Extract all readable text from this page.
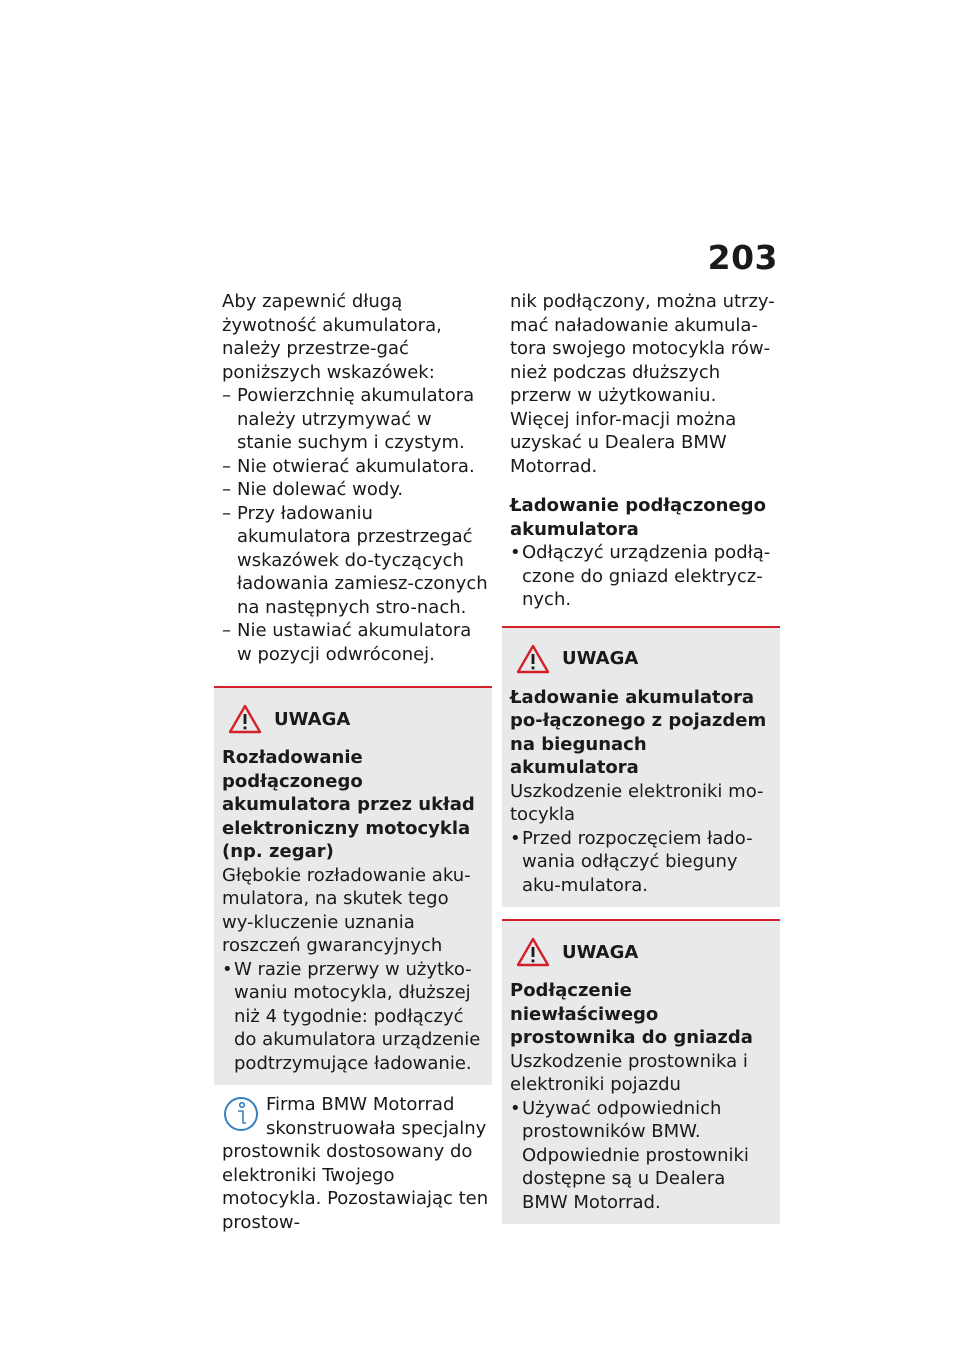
203

Aby zapewnić długą żywotność akumulatora, należy przestrze-gać poniższych wskazówek:

– Powierzchnię akumulatora należy utrzymywać w stanie suchym i czystym.
– Nie otwierać akumulatora.
– Nie dolewać wody.
– Przy ładowaniu akumulatora przestrzegać wskazówek do-tyczących ładowania zamiesz-czonych na następnych stro-nach.
– Nie ustawiać akumulatora w pozycji odwróconej.
UWAGA

Rozładowanie podłączonego akumulatora przez układ elektroniczny motocykla (np. zegar)

Głębokie rozładowanie aku-mulatora, na skutek tego wy-kluczenie uznania roszczeń gwarancyjnych

• W razie przerwy w użytko-waniu motocykla, dłuższej niż 4 tygodnie: podłączyć do akumulatora urządzenie podtrzymujące ładowanie.

Firma BMW Motorrad skonstruowała specjalny prostownik dostosowany do elektroniki Twojego motocykla. Pozostawiając ten prostow-

nik podłączony, można utrzy-mać naładowanie akumula-tora swojego motocykla rów-nież podczas dłuższych przerw w użytkowaniu. Więcej infor-macji można uzyskać u Dealera BMW Motorrad.

Ładowanie podłączonego akumulatora

• Odłączyć urządzenia podłą-czone do gniazd elektrycz-nych.
UWAGA

Ładowanie akumulatora po-łączonego z pojazdem na biegunach akumulatora

Uszkodzenie elektroniki mo-tocykla

• Przed rozpoczęciem łado-wania odłączyć bieguny aku-mulatora.
UWAGA

Podłączenie niewłaściwego prostownika do gniazda

Uszkodzenie prostownika i elektroniki pojazdu

• Używać odpowiednich prostowników BMW. Odpowiednie prostowniki dostępne są u Dealera BMW Motorrad.
